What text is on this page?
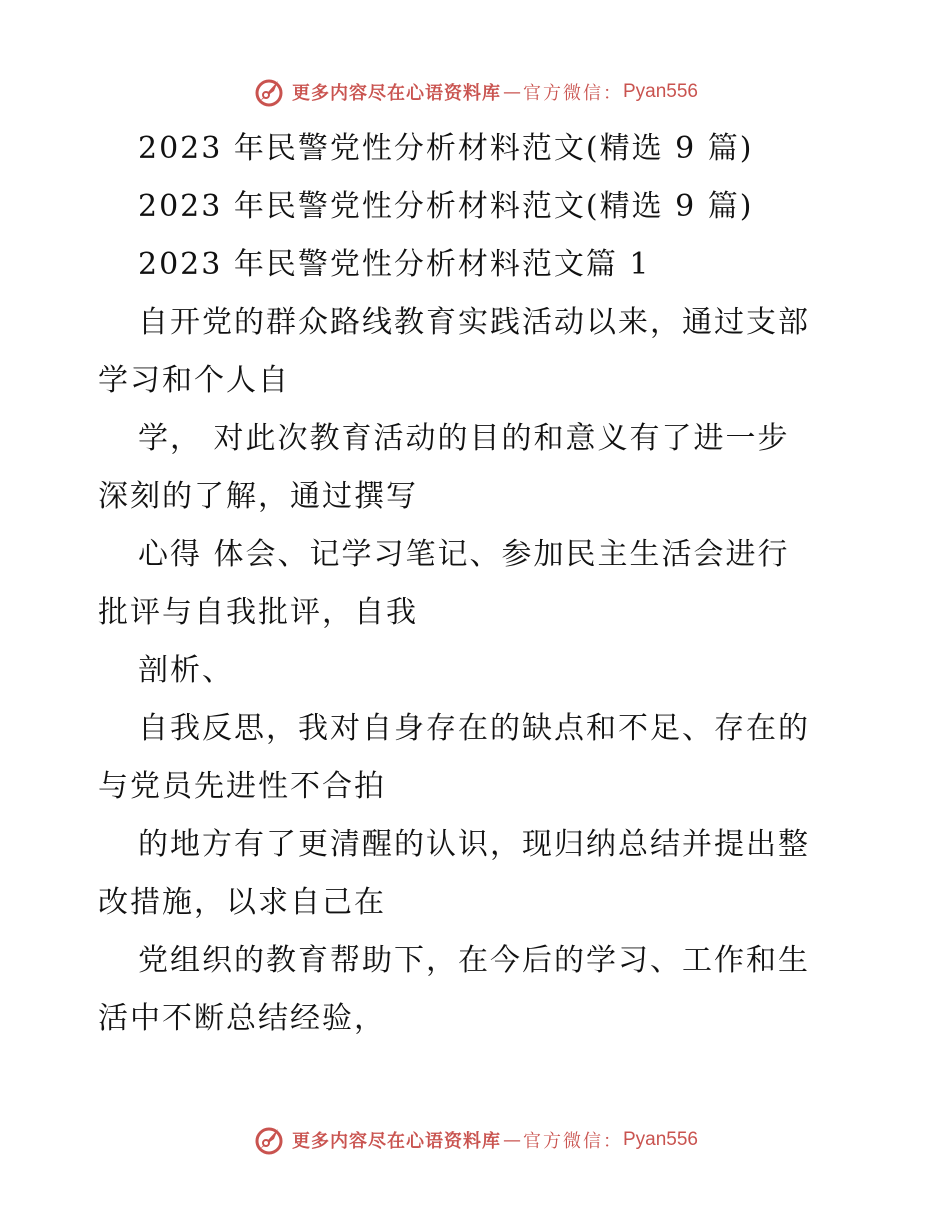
更多内容尽在心语资料库 — 官方微信： Pyan556
2023 年民警党性分析材料范文(精选 9 篇)
2023 年民警党性分析材料范文(精选 9 篇)
2023 年民警党性分析材料范文篇 1
自开党的群众路线教育实践活动以来，通过支部
学习和个人自
学， 对此次教育活动的目的和意义有了进一步
深刻的了解，通过撰写
心得 体会、记学习笔记、参加民主生活会进行
批评与自我批评，自我
剖析、
自我反思，我对自身存在的缺点和不足、存在的
与党员先进性不合拍
的地方有了更清醒的认识，现归纳总结并提出整
改措施，以求自己在
党组织的教育帮助下，在今后的学习、工作和生
活中不断总结经验，
更多内容尽在心语资料库 — 官方微信： Pyan556
